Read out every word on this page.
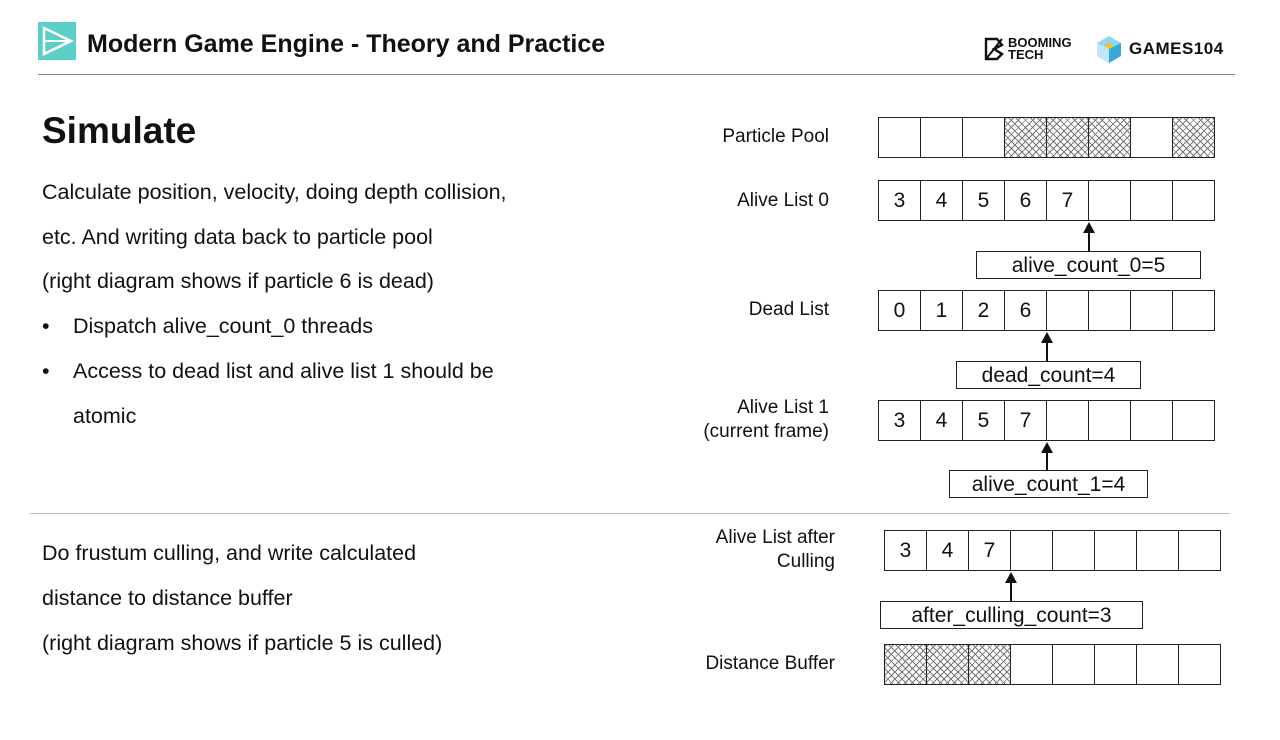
Modern Game Engine - Theory and Practice	BOOMING
TECH	GAMES104
Simulate
Calculate position, velocity, doing depth collision,
etc. And writing data back to particle pool
(right diagram shows if particle 6 is dead)
• Dispatch alive_count_0 threads
• Access to dead list and alive list 1 should be
atomic
Do frustum culling, and write calculated
distance to distance buffer
(right diagram shows if particle 5 is culled)
Particle Pool
Alive List 0
Dead List
Alive List 1
(current frame)
Alive List after
Culling
Distance Buffer
3	4	5	6	7
0	1	2	6
3	4	5	7
3	4	7
alive_count_0=5
dead_count=4
alive_count_1=4
after_culling_count=3
